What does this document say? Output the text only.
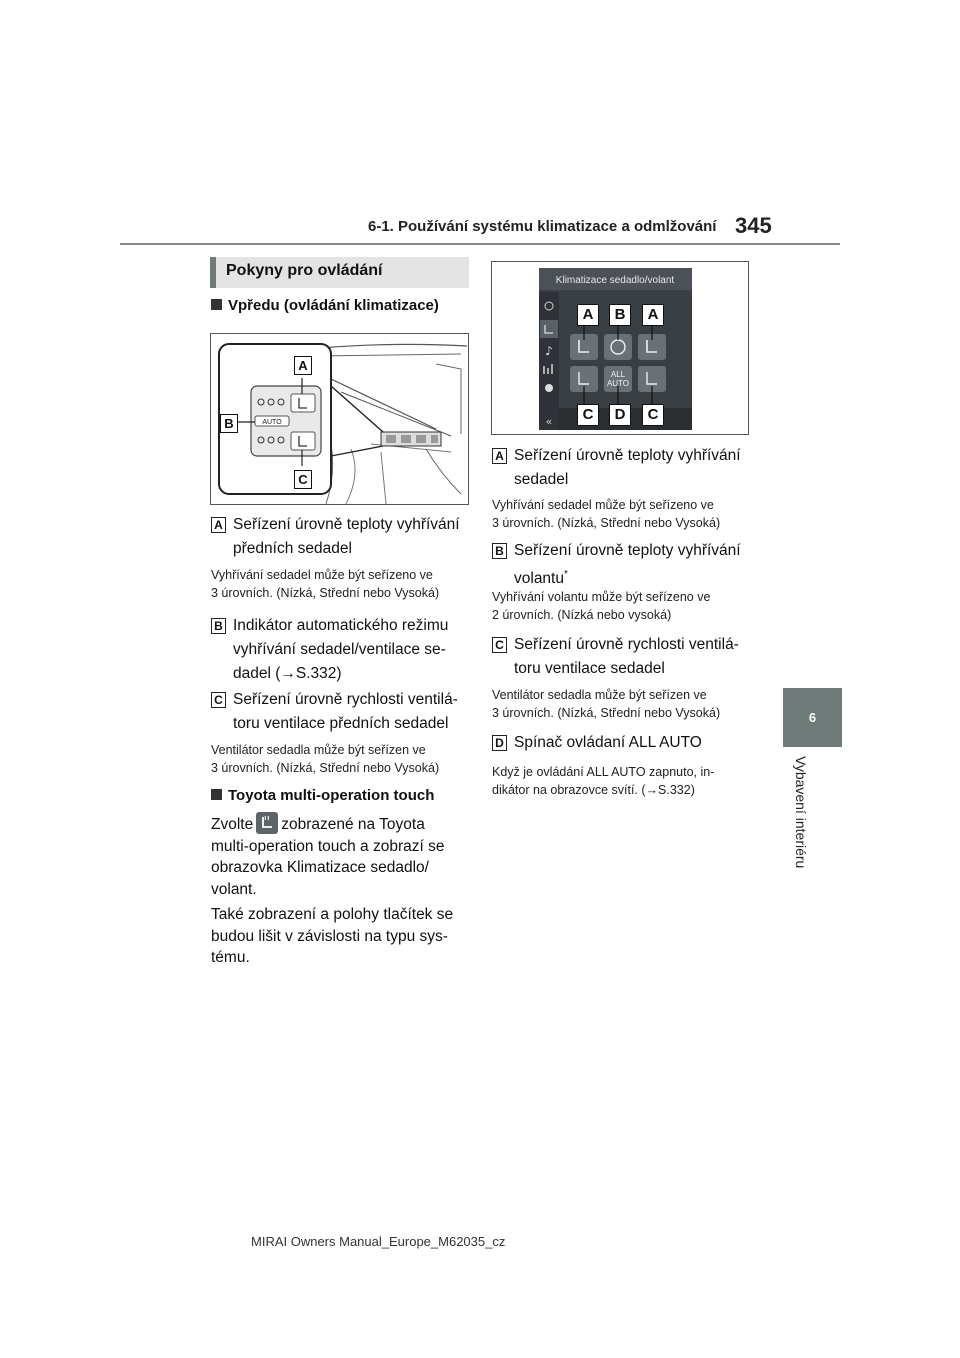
6-1. Používání systému klimatizace a odmlžování 345
6
Vybavení interiéru
Pokyny pro ovládání
Vpředu (ovládání klimatizace)
AUTO
A
B
C
A Seřízení úrovně teploty vyhřívání
předních sedadel
Vyhřívání sedadel může být seřízeno ve
3 úrovních. (Nízká, Střední nebo Vysoká)
B Indikátor automatického režimu
vyhřívání sedadel/ventilace se-
dadel (→S.332)
C Seřízení úrovně rychlosti ventilá-
toru ventilace předních sedadel
Ventilátor sedadla může být seřízen ve
3 úrovních. (Nízká, Střední nebo Vysoká)
Toyota multi-operation touch
Zvolte zobrazené na Toyota
multi-operation touch a zobrazí se
obrazovka Klimatizace sedadlo/
volant.
Také zobrazení a polohy tlačítek se
budou lišit v závislosti na typu sys-
tému.
Klimatizace sedadlo/volant
♪
«
ALL
AUTO
A	B	A
C	D	C
A Seřízení úrovně teploty vyhřívání
sedadel
Vyhřívání sedadel může být seřízeno ve
3 úrovních. (Nízká, Střední nebo Vysoká)
B Seřízení úrovně teploty vyhřívání
volantu*
Vyhřívání volantu může být seřízeno ve
2 úrovních. (Nízká nebo vysoká)
C Seřízení úrovně rychlosti ventilá-
toru ventilace sedadel
Ventilátor sedadla může být seřízen ve
3 úrovních. (Nízká, Střední nebo Vysoká)
D Spínač ovládaní ALL AUTO
Když je ovládání ALL AUTO zapnuto, in-
dikátor na obrazovce svítí. (→S.332)
MIRAI Owners Manual_Europe_M62035_cz
